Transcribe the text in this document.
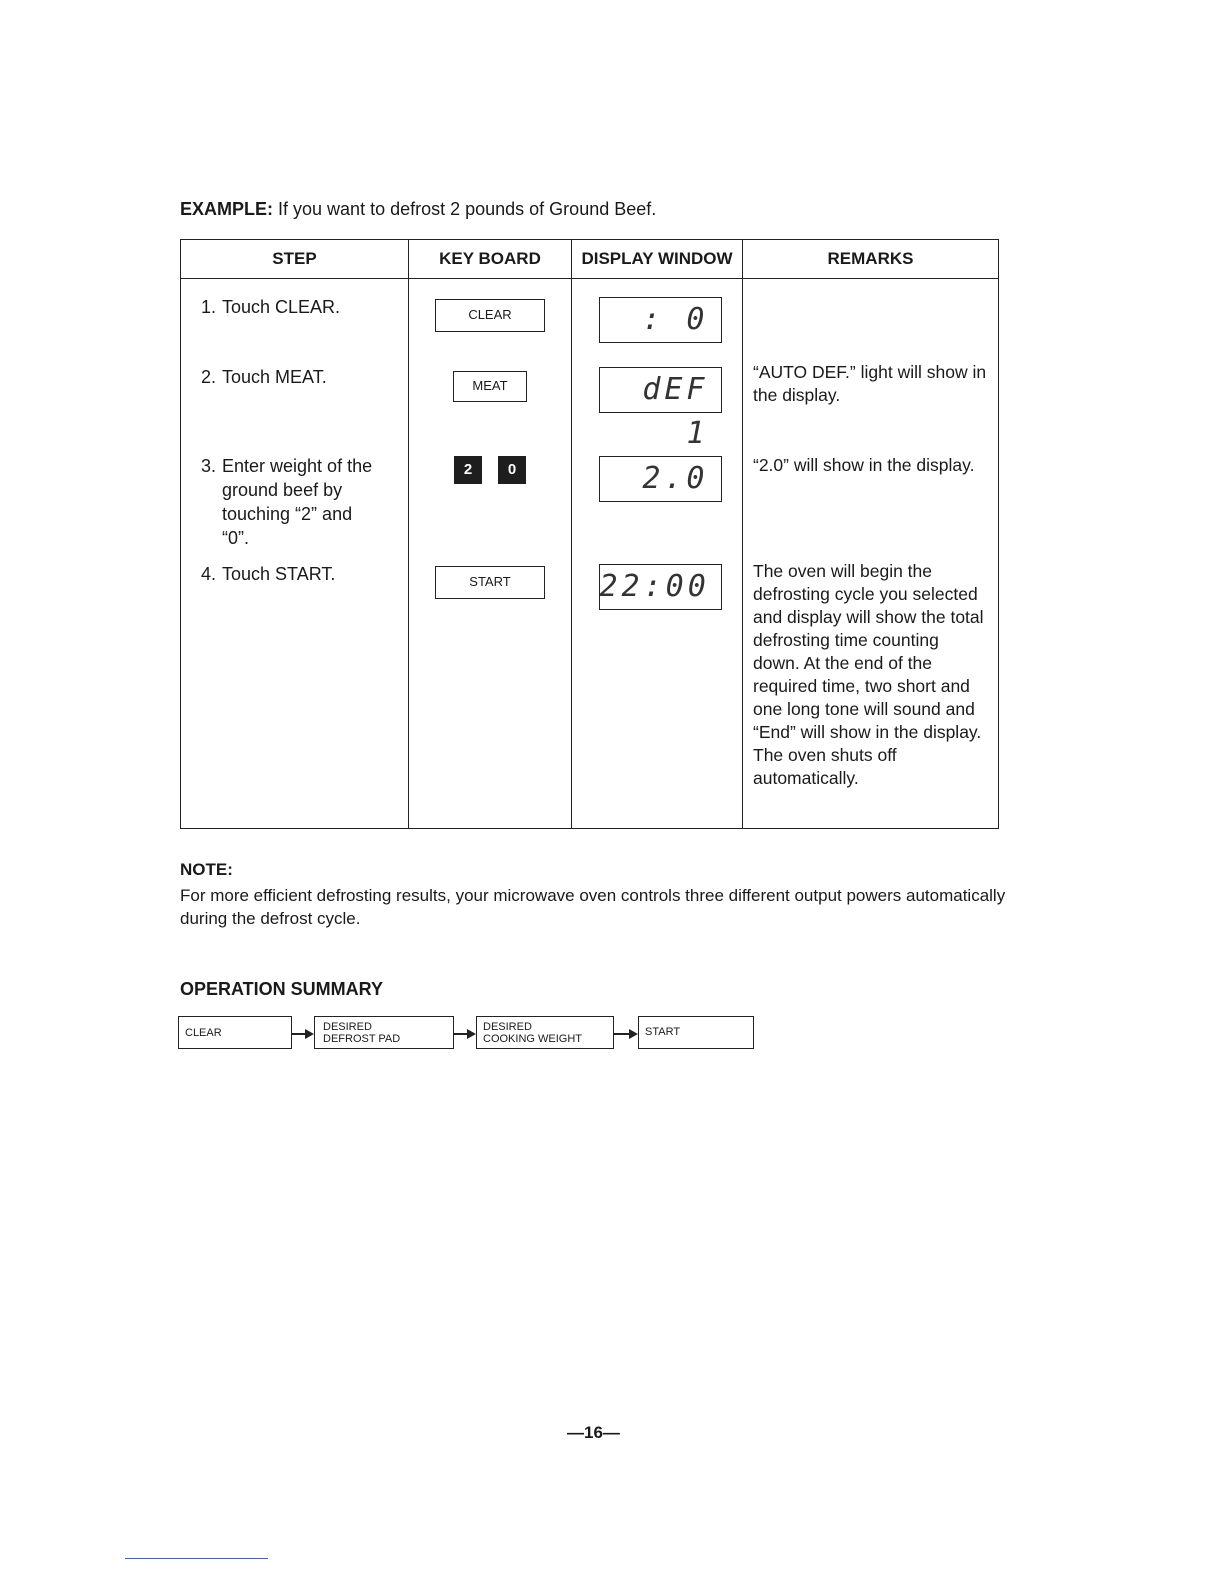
EXAMPLE: If you want to defrost 2 pounds of Ground Beef.
STEP	KEY BOARD	DISPLAY WINDOW	REMARKS

1. Touch CLEAR.	CLEAR	: 0	

2. Touch MEAT.	MEAT	dEF 1	“AUTO DEF.” light will show in the display.

3. Enter weight of the
ground beef by
touching “2” and
“0”.	2 0	2.0	“2.0” will show in the display.

4. Touch START.	START	22:00	The oven will begin the defrosting cycle you selected and display will show the total defrosting time counting down. At the end of the required time, two short and one long tone will sound and “End” will show in the display. The oven shuts off automatically.
NOTE:
For more efficient defrosting results, your microwave oven controls three different output powers automatically during the defrost cycle.
OPERATION SUMMARY
CLEAR	DESIRED
DEFROST PAD
DESIRED
COOKING WEIGHT
START
—16—
